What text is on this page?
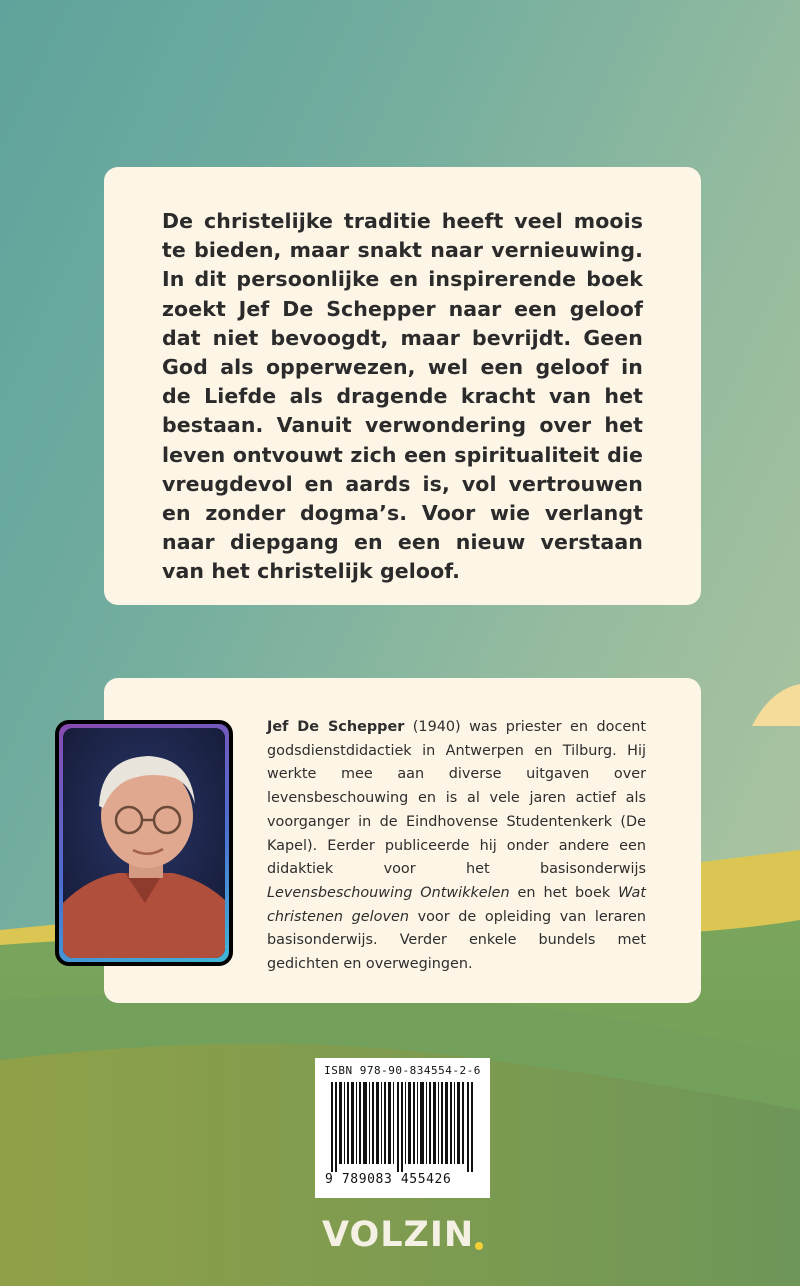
De christelijke traditie heeft veel moois te bieden, maar snakt naar vernieuwing. In dit persoonlijke en inspirerende boek zoekt Jef De Schepper naar een geloof dat niet bevoogdt, maar bevrijdt. Geen God als opperwezen, wel een geloof in de Liefde als dragende kracht van het bestaan. Vanuit verwondering over het leven ontvouwt zich een spiritualiteit die vreugdevol en aards is, vol vertrouwen en zonder dogma’s. Voor wie verlangt naar diepgang en een nieuw verstaan van het christelijk geloof.

Jef De Schepper (1940) was priester en docent godsdienstdidactiek in Antwerpen en Tilburg. Hij werkte mee aan diverse uitgaven over levensbeschouwing en is al vele jaren actief als voorganger in de Eindhovense Studentenkerk (De Kapel). Eerder publiceerde hij onder andere een didaktiek voor het basisonderwijs Levensbeschouwing Ontwikkelen en het boek Wat christenen geloven voor de opleiding van leraren basisonderwijs. Verder enkele bundels met gedichten en overwegingen.

ISBN 978-90-834554-2-6
9 789083 455426
VOLZIN
